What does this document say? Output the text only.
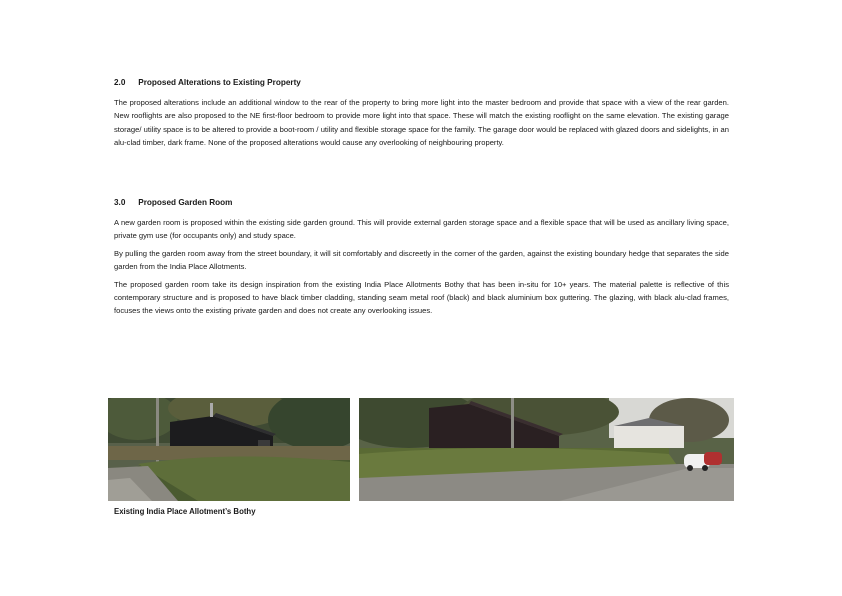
2.0 Proposed Alterations to Existing Property

The proposed alterations include an additional window to the rear of the property to bring more light into the master bedroom and provide that space with a view of the rear garden. New rooflights are also proposed to the NE first-floor bedroom to provide more light into that space. These will match the existing rooflight on the same elevation. The existing garage storage/ utility space is to be altered to provide a boot-room / utility and flexible storage space for the family. The garage door would be replaced with glazed doors and sidelights, in an alu-clad timber, dark frame. None of the proposed alterations would cause any overlooking of neighbouring property.

3.0 Proposed Garden Room

A new garden room is proposed within the existing side garden ground. This will provide external garden storage space and a flexible space that will be used as ancillary living space, private gym use (for occupants only) and study space.

By pulling the garden room away from the street boundary, it will sit comfortably and discreetly in the corner of the garden, against the existing boundary hedge that separates the side garden from the India Place Allotments.

The proposed garden room take its design inspiration from the existing India Place Allotments Bothy that has been in-situ for 10+ years. The material palette is reflective of this contemporary structure and is proposed to have black timber cladding, standing seam metal roof (black) and black aluminium box guttering. The glazing, with black alu-clad frames, focuses the views onto the existing private garden and does not create any overlooking issues.

Existing India Place Allotment’s Bothy
